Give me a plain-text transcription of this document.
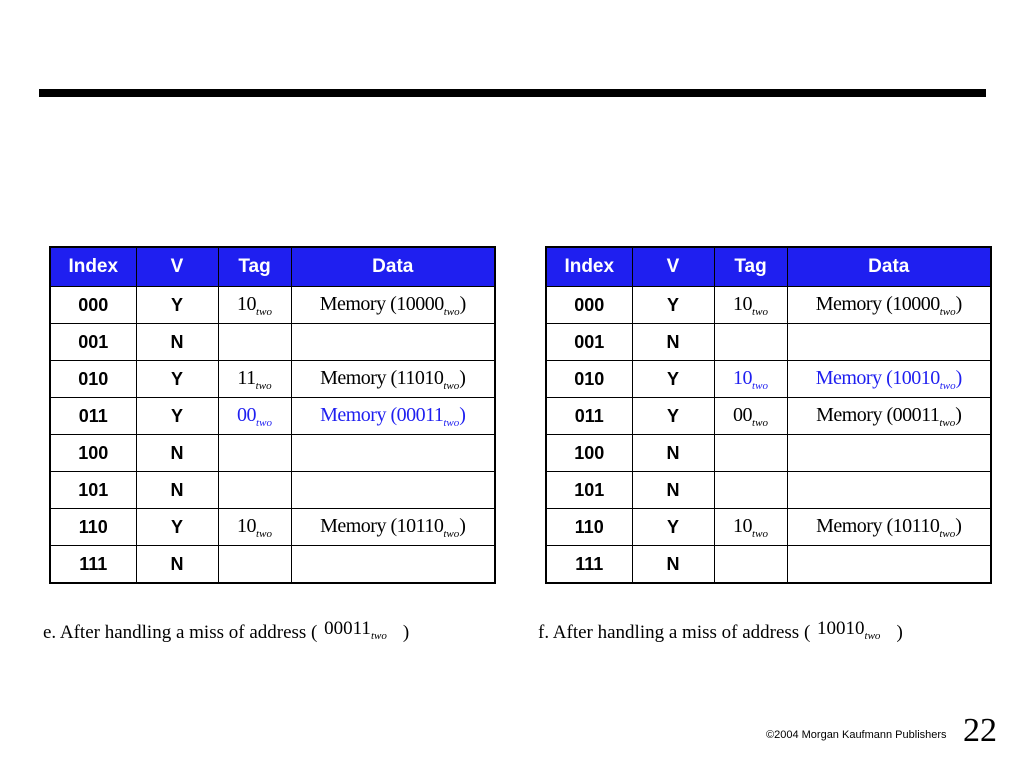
Index	V	Tag	Data
000	Y	$10_{two}$	Memory $(10000_{two})$
001	N		
010	Y	$11_{two}$	Memory $(11010_{two})$
011	Y	$00_{two}$	Memory $(00011_{two})$
100	N		
101	N		
110	Y	$10_{two}$	Memory $(10110_{two})$
111	N		
Index	V	Tag	Data
000	Y	$10_{two}$	Memory $(10000_{two})$
001	N		
010	Y	$10_{two}$	Memory $(10010_{two})$
011	Y	$00_{two}$	Memory $(00011_{two})$
100	N		
101	N		
110	Y	$10_{two}$	Memory $(10110_{two})$
111	N		
e. After handling a miss of address ( $00011_{two}$ )	f. After handling a miss of address ( $10010_{two}$ )
©2004 Morgan Kaufmann Publishers 22
